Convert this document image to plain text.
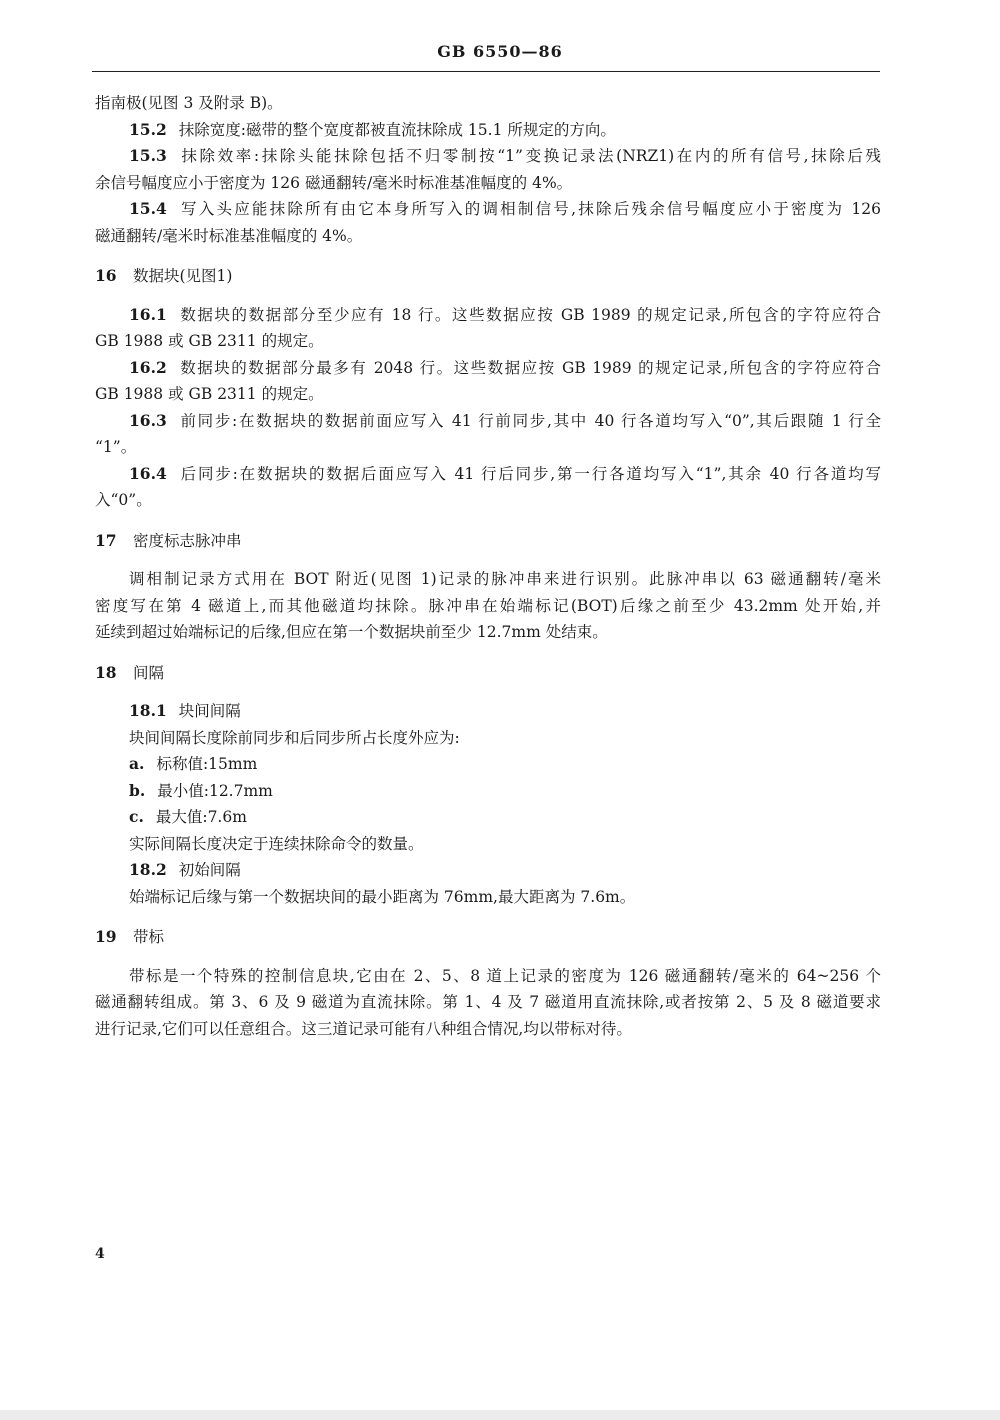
GB 6550—86
指南极(见图 3 及附录 B)。
15.2 抹除宽度:磁带的整个宽度都被直流抹除成 15.1 所规定的方向。
15.3 抹除效率:抹除头能抹除包括不归零制按“1”变换记录法(NRZ1)在内的所有信号,抹除后残
余信号幅度应小于密度为 126 磁通翻转/毫米时标准基准幅度的 4%。
15.4 写入头应能抹除所有由它本身所写入的调相制信号,抹除后残余信号幅度应小于密度为 126
磁通翻转/毫米时标准基准幅度的 4%。
16 数据块(见图1)
16.1 数据块的数据部分至少应有 18 行。这些数据应按 GB 1989 的规定记录,所包含的字符应符合
GB 1988 或 GB 2311 的规定。
16.2 数据块的数据部分最多有 2048 行。这些数据应按 GB 1989 的规定记录,所包含的字符应符合
GB 1988 或 GB 2311 的规定。
16.3 前同步:在数据块的数据前面应写入 41 行前同步,其中 40 行各道均写入“0”,其后跟随 1 行全
“1”。
16.4 后同步:在数据块的数据后面应写入 41 行后同步,第一行各道均写入“1”,其余 40 行各道均写
入“0”。
17 密度标志脉冲串
调相制记录方式用在 BOT 附近(见图 1)记录的脉冲串来进行识别。此脉冲串以 63 磁通翻转/毫米
密度写在第 4 磁道上,而其他磁道均抹除。脉冲串在始端标记(BOT)后缘之前至少 43.2mm 处开始,并
延续到超过始端标记的后缘,但应在第一个数据块前至少 12.7mm 处结束。
18 间隔
18.1 块间间隔
块间间隔长度除前同步和后同步所占长度外应为:
a. 标称值:15mm
b. 最小值:12.7mm
c. 最大值:7.6m
实际间隔长度决定于连续抹除命令的数量。
18.2 初始间隔
始端标记后缘与第一个数据块间的最小距离为 76mm,最大距离为 7.6m。
19 带标
带标是一个特殊的控制信息块,它由在 2、5、8 道上记录的密度为 126 磁通翻转/毫米的 64~256 个
磁通翻转组成。第 3、6 及 9 磁道为直流抹除。第 1、4 及 7 磁道用直流抹除,或者按第 2、5 及 8 磁道要求
进行记录,它们可以任意组合。这三道记录可能有八种组合情况,均以带标对待。
4
